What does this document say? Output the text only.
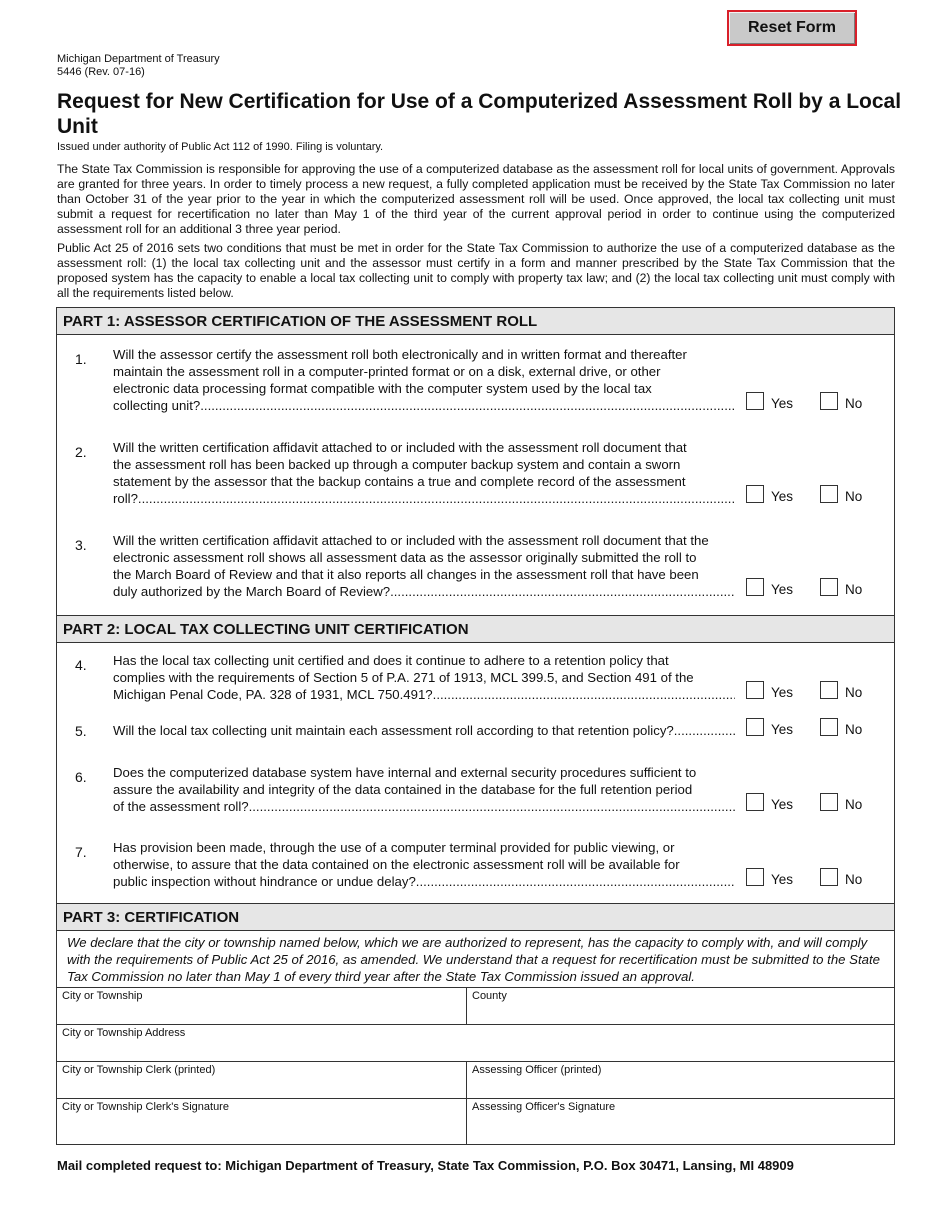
Reset Form
Michigan Department of Treasury
5446 (Rev. 07-16)
Request for New Certification for Use of a Computerized Assessment Roll by a Local Unit
Issued under authority of Public Act 112 of 1990. Filing is voluntary.

The State Tax Commission is responsible for approving the use of a computerized database as the assessment roll for local units of government. Approvals are granted for three years. In order to timely process a new request, a fully completed application must be received by the State Tax Commission no later than October 31 of the year prior to the year in which the computerized assessment roll will be used. Once approved, the local tax collecting unit must submit a request for recertification no later than May 1 of the third year of the current approval period in order to continue using the computerized assessment roll for an additional 3 three year period.

Public Act 25 of 2016 sets two conditions that must be met in order for the State Tax Commission to authorize the use of a computerized database as the assessment roll: (1) the local tax collecting unit and the assessor must certify in a form and manner prescribed by the State Tax Commission that the proposed system has the capacity to enable a local tax collecting unit to comply with property tax law; and (2) the local tax collecting unit must comply with all the requirements listed below.

PART 1: ASSESSOR CERTIFICATION OF THE ASSESSMENT ROLL
1. Will the assessor certify the assessment roll both electronically and in written format and thereafter
maintain the assessment roll in a computer-printed format or on a disk, external drive, or other
electronic data processing format compatible with the computer system used by the local tax
collecting unit? .....	Yes	No
2. Will the written certification affidavit attached to or included with the assessment roll document that
the assessment roll has been backed up through a computer backup system and contain a sworn
statement by the assessor that the backup contains a true and complete record of the assessment
roll? .....	Yes	No
3. Will the written certification affidavit attached to or included with the assessment roll document that the
electronic assessment roll shows all assessment data as the assessor originally submitted the roll to
the March Board of Review and that it also reports all changes in the assessment roll that have been
duly authorized by the March Board of Review? .....	Yes	No
PART 2: LOCAL TAX COLLECTING UNIT CERTIFICATION
4. Has the local tax collecting unit certified and does it continue to adhere to a retention policy that
complies with the requirements of Section 5 of P.A. 271 of 1913, MCL 399.5, and Section 491 of the
Michigan Penal Code, PA. 328 of 1931, MCL 750.491? .....	Yes	No
5. Will the local tax collecting unit maintain each assessment roll according to that retention policy? .....	Yes	No
6. Does the computerized database system have internal and external security procedures sufficient to
assure the availability and integrity of the data contained in the database for the full retention period
of the assessment roll? .....	Yes	No
7. Has provision been made, through the use of a computer terminal provided for public viewing, or
otherwise, to assure that the data contained on the electronic assessment roll will be available for
public inspection without hindrance or undue delay? .....	Yes	No
PART 3: CERTIFICATION

We declare that the city or township named below, which we are authorized to represent, has the capacity to comply with, and will comply with the requirements of Public Act 25 of 2016, as amended. We understand that a request for recertification must be submitted to the State Tax Commission no later than May 1 of every third year after the State Tax Commission issued an approval.

City or Township	County
City or Township Address
City or Township Clerk (printed)	Assessing Officer (printed)
City or Township Clerk's Signature	Assessing Officer's Signature
Mail completed request to: Michigan Department of Treasury, State Tax Commission, P.O. Box 30471, Lansing, MI 48909
